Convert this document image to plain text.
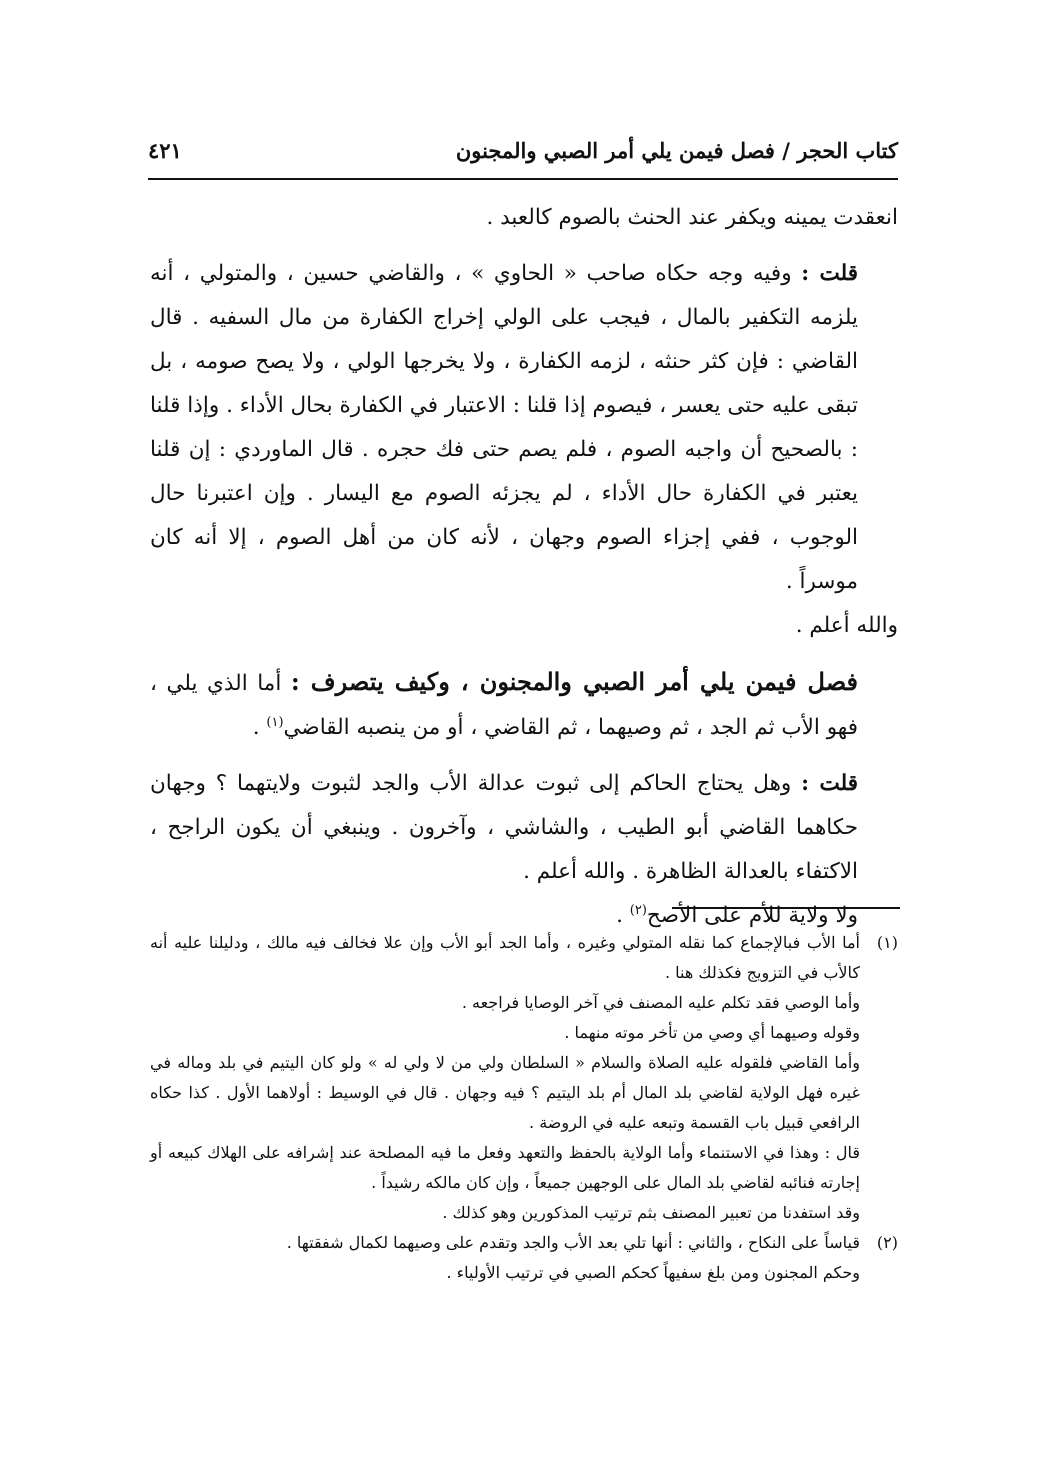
كتاب الحجر / فصل فيمن يلي أمر الصبي والمجنون
٤٢١

انعقدت يمينه ويكفر عند الحنث بالصوم كالعبد .

قلت : وفيه وجه حكاه صاحب « الحاوي » ، والقاضي حسين ، والمتولي ، أنه يلزمه التكفير بالمال ، فيجب على الولي إخراج الكفارة من مال السفيه . قال القاضي : فإن كثر حنثه ، لزمه الكفارة ، ولا يخرجها الولي ، ولا يصح صومه ، بل تبقى عليه حتى يعسر ، فيصوم إذا قلنا : الاعتبار في الكفارة بحال الأداء . وإذا قلنا : بالصحيح أن واجبه الصوم ، فلم يصم حتى فك حجره . قال الماوردي : إن قلنا يعتبر في الكفارة حال الأداء ، لم يجزئه الصوم مع اليسار . وإن اعتبرنا حال الوجوب ، ففي إجزاء الصوم وجهان ، لأنه كان من أهل الصوم ، إلا أنه كان موسراً .

والله أعلم .

فصل فيمن يلي أمر الصبي والمجنون ، وكيف يتصرف : أما الذي يلي ، فهو الأب ثم الجد ، ثم وصيهما ، ثم القاضي ، أو من ينصبه القاضي$^{(١)}$ .

قلت : وهل يحتاج الحاكم إلى ثبوت عدالة الأب والجد لثبوت ولايتهما ؟ وجهان حكاهما القاضي أبو الطيب ، والشاشي ، وآخرون . وينبغي أن يكون الراجح ، الاكتفاء بالعدالة الظاهرة . والله أعلم .

ولا ولاية للأم على الأصح$^{(٢)}$ .

(١)

أما الأب فبالإجماع كما نقله المتولي وغيره ، وأما الجد أبو الأب وإن علا فخالف فيه مالك ، ودليلنا عليه أنه كالأب في التزويج فكذلك هنا .

وأما الوصي فقد تكلم عليه المصنف في آخر الوصايا فراجعه .

وقوله وصيهما أي وصي من تأخر موته منهما .

وأما القاضي فلقوله عليه الصلاة والسلام « السلطان ولي من لا ولي له » ولو كان اليتيم في بلد وماله في غيره فهل الولاية لقاضي بلد المال أم بلد اليتيم ؟ فيه وجهان . قال في الوسيط : أولاهما الأول . كذا حكاه الرافعي قبيل باب القسمة وتبعه عليه في الروضة .

قال : وهذا في الاستنماء وأما الولاية بالحفظ والتعهد وفعل ما فيه المصلحة عند إشرافه على الهلاك كبيعه أو إجارته فنائبه لقاضي بلد المال على الوجهين جميعاً ، وإن كان مالكه رشيداً .

وقد استفدنا من تعبير المصنف بثم ترتيب المذكورين وهو كذلك .

(٢)

قياساً على النكاح ، والثاني : أنها تلي بعد الأب والجد وتقدم على وصيهما لكمال شفقتها .

وحكم المجنون ومن بلغ سفيهاً كحكم الصبي في ترتيب الأولياء .
